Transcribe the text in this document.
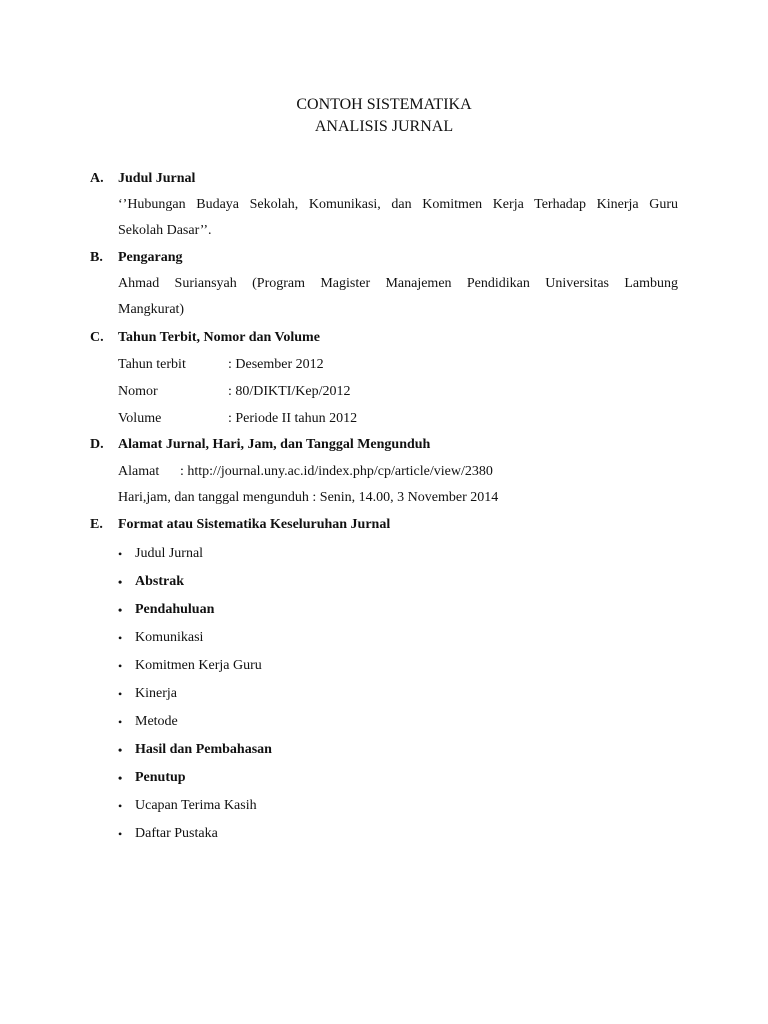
CONTOH SISTEMATIKA
ANALISIS JURNAL
A.	Judul Jurnal
‘’Hubungan Budaya Sekolah, Komunikasi, dan Komitmen Kerja Terhadap Kinerja Guru
Sekolah Dasar’’.
B.	Pengarang
Ahmad Suriansyah (Program Magister Manajemen Pendidikan Universitas Lambung
Mangkurat)
C.	Tahun Terbit, Nomor dan Volume
Tahun terbit	: Desember 2012
Nomor	: 80/DIKTI/Kep/2012
Volume	: Periode II tahun 2012
D.	Alamat Jurnal, Hari, Jam, dan Tanggal Mengunduh
Alamat	: http://journal.uny.ac.id/index.php/cp/article/view/2380
Hari,jam, dan tanggal mengunduh : Senin, 14.00, 3 November 2014
E.	Format atau Sistematika Keseluruhan Jurnal
• Judul Jurnal
• Abstrak
• Pendahuluan
• Komunikasi
• Komitmen Kerja Guru
• Kinerja
• Metode
• Hasil dan Pembahasan
• Penutup
• Ucapan Terima Kasih
• Daftar Pustaka
